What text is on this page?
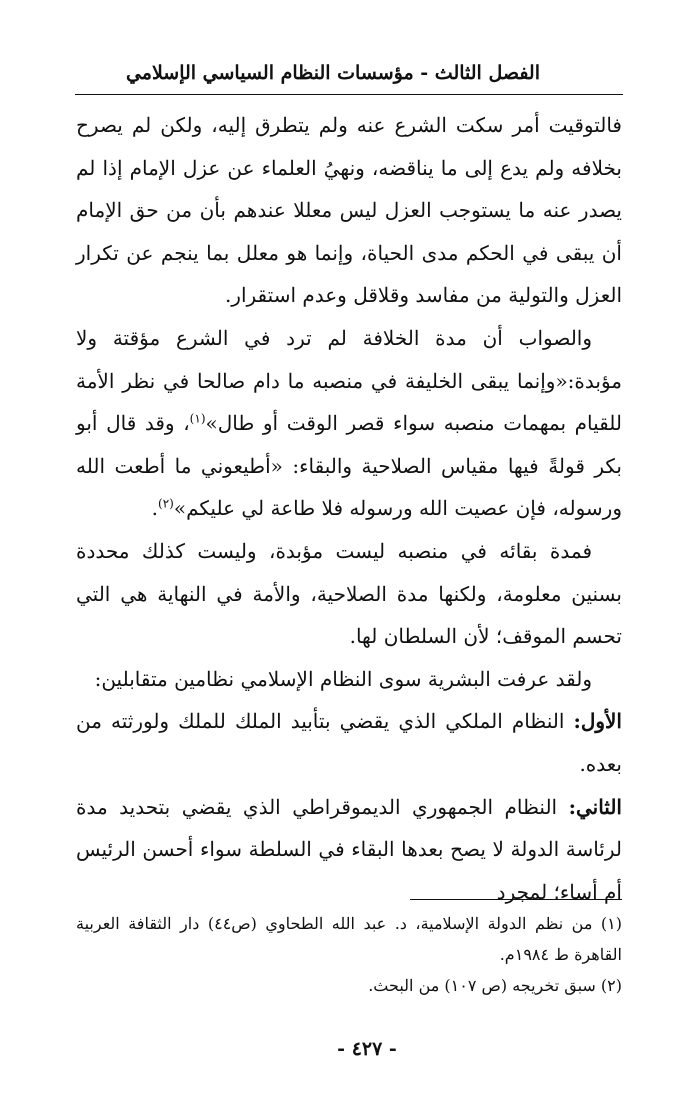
الفصل الثالث - مؤسسات النظام السياسي الإسلامي

فالتوقيت أمر سكت الشرع عنه ولم يتطرق إليه، ولكن لم يصرح بخلافه ولم يدع إلى ما يناقضه، ونهيُ العلماء عن عزل الإمام إذا لم يصدر عنه ما يستوجب العزل ليس معللا عندهم بأن من حق الإمام أن يبقى في الحكم مدى الحياة، وإنما هو معلل بما ينجم عن تكرار العزل والتولية من مفاسد وقلاقل وعدم استقرار.

والصواب أن مدة الخلافة لم ترد في الشرع مؤقتة ولا مؤبدة:«وإنما يبقى الخليفة في منصبه ما دام صالحا في نظر الأمة للقيام بمهمات منصبه سواء قصر الوقت أو طال»$^{(١)}$، وقد قال أبو بكر قولةً فيها مقياس الصلاحية والبقاء: «أطيعوني ما أطعت الله ورسوله، فإن عصيت الله ورسوله فلا طاعة لي عليكم»$^{(٢)}$.

فمدة بقائه في منصبه ليست مؤبدة، وليست كذلك محددة بسنين معلومة، ولكنها مدة الصلاحية، والأمة في النهاية هي التي تحسم الموقف؛ لأن السلطان لها.

ولقد عرفت البشرية سوى النظام الإسلامي نظامين متقابلين:

الأول: النظام الملكي الذي يقضي بتأبيد الملك للملك ولورثته من بعده.

الثاني: النظام الجمهوري الديموقراطي الذي يقضي بتحديد مدة لرئاسة الدولة لا يصح بعدها البقاء في السلطة سواء أحسن الرئيس أم أساء؛ لمجرد

(١) من نظم الدولة الإسلامية، د. عبد الله الطحاوي (ص٤٤) دار الثقافة العربية القاهرة ط ١٩٨٤م.

(٢) سبق تخريجه (ص ١٠٧) من البحث.

- ٤٢٧ -
